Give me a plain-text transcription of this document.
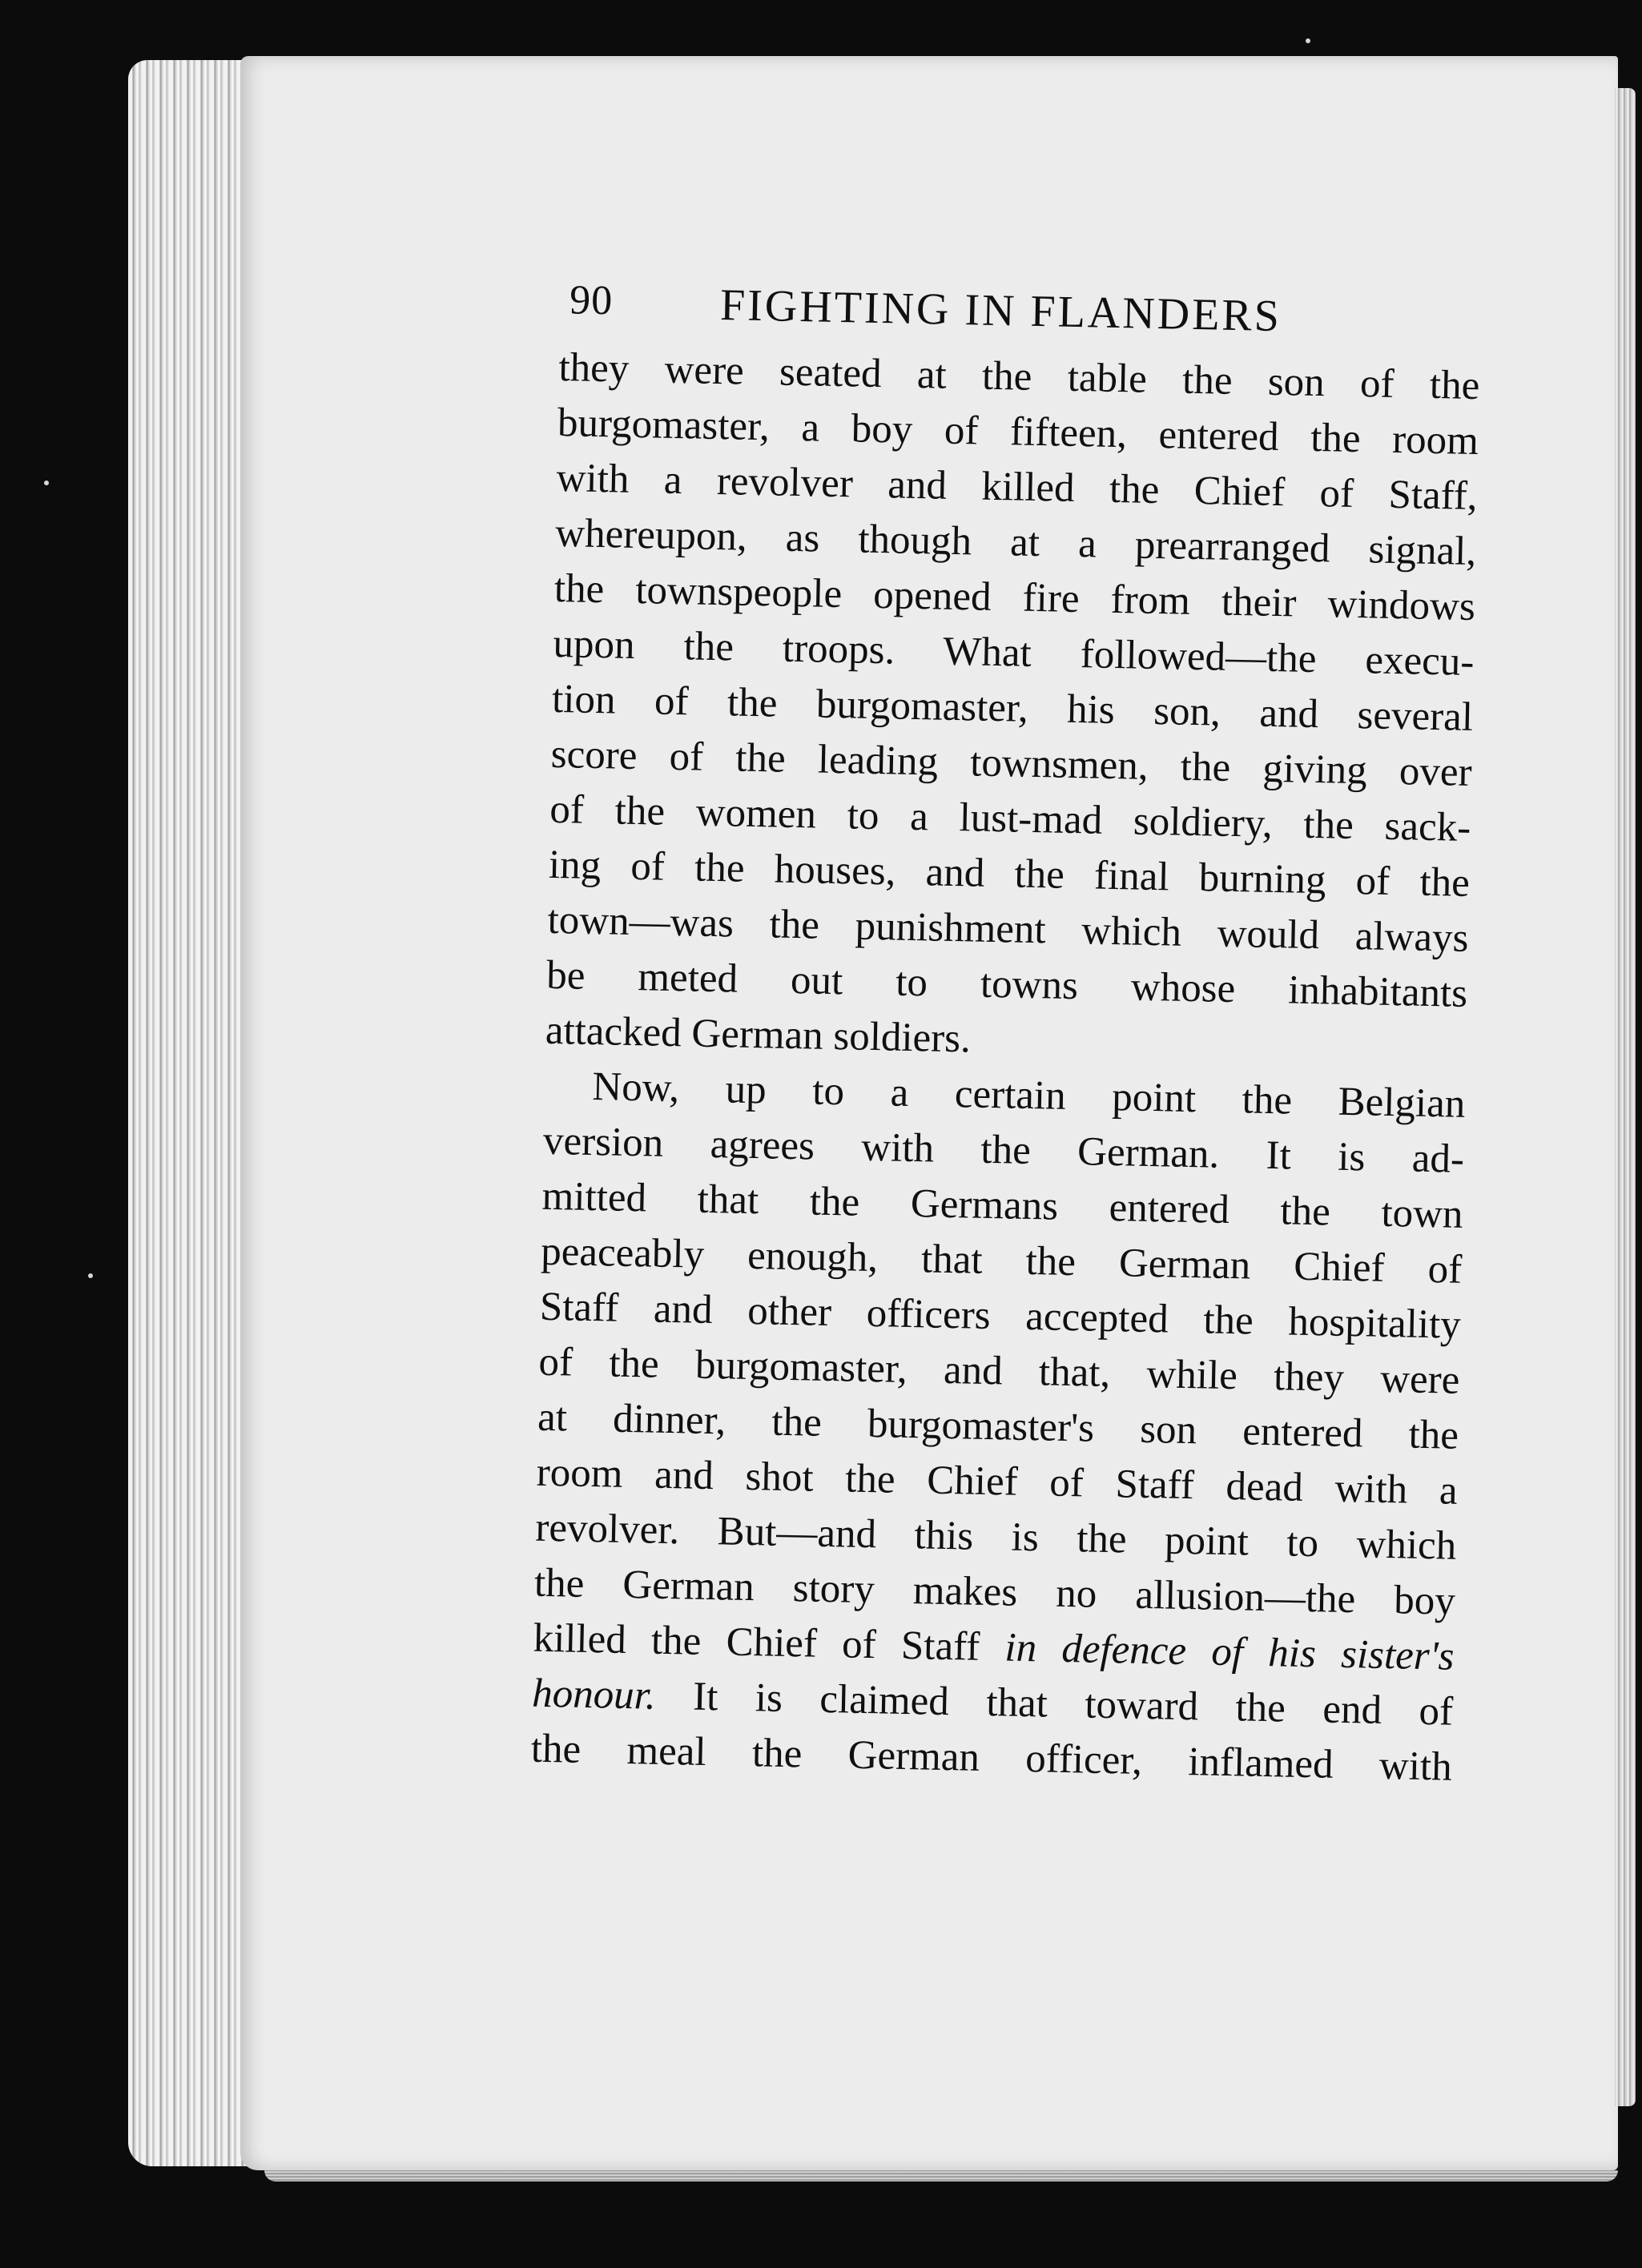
90 FIGHTING IN FLANDERS
they were seated at the table the son of the
burgomaster, a boy of fifteen, entered the room
with a revolver and killed the Chief of Staff,
whereupon, as though at a prearranged signal,
the townspeople opened fire from their windows
upon the troops. What followed—the execu-
tion of the burgomaster, his son, and several
score of the leading townsmen, the giving over
of the women to a lust-mad soldiery, the sack-
ing of the houses, and the final burning of the
town—was the punishment which would always
be meted out to towns whose inhabitants
attacked German soldiers.
Now, up to a certain point the Belgian
version agrees with the German. It is ad-
mitted that the Germans entered the town
peaceably enough, that the German Chief of
Staff and other officers accepted the hospitality
of the burgomaster, and that, while they were
at dinner, the burgomaster's son entered the
room and shot the Chief of Staff dead with a
revolver. But—and this is the point to which
the German story makes no allusion—the boy
killed the Chief of Staff in defence of his sister's
honour. It is claimed that toward the end of
the meal the German officer, inflamed with
